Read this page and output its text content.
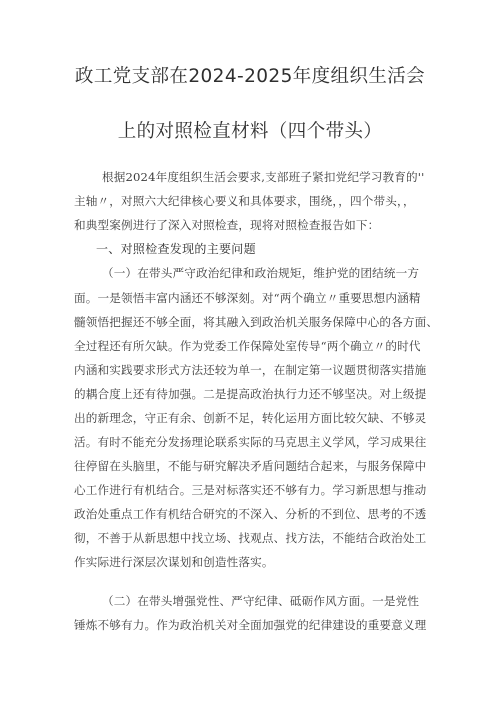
政工党支部在2024-2025年度组织生活会
上的对照检直材料（四个带头）
根据2024年度组织生活会要求,支部班子紧扣党纪学习教育的''
主轴〃，对照六大纪律核心要义和具体要求，围绕，，四个带头，，
和典型案例进行了深入对照检查，现将对照检查报告如下：
一、对照检查发现的主要问题
（一）在带头严守政治纪律和政治规矩，维护党的团结统一方
面。一是领悟丰富内涵还不够深刻。对“两个确立〃重要思想内涵精
髓领悟把握还不够全面，将其融入到政治机关服务保障中心的各方面、
全过程还有所欠缺。作为党委工作保障处室传导“两个确立〃的时代
内涵和实践要求形式方法还较为单一，在制定第一议题贯彻落实措施
的耦合度上还有待加强。二是提高政治执行力还不够坚决。对上级提
出的新理念，守正有余、创新不足，转化运用方面比较欠缺、不够灵
活。有时不能充分发扬理论联系实际的马克思主义学风，学习成果往
往停留在头脑里，不能与研究解决矛盾问题结合起来，与服务保障中
心工作进行有机结合。三是对标落实还不够有力。学习新思想与推动
政治处重点工作有机结合研究的不深入、分析的不到位、思考的不透
彻，不善于从新思想中找立场、找观点、找方法，不能结合政治处工
作实际进行深层次谋划和创造性落实。
（二）在带头增强党性、严守纪律、砥砺作风方面。一是党性
锤炼不够有力。作为政治机关对全面加强党的纪律建设的重要意义理
